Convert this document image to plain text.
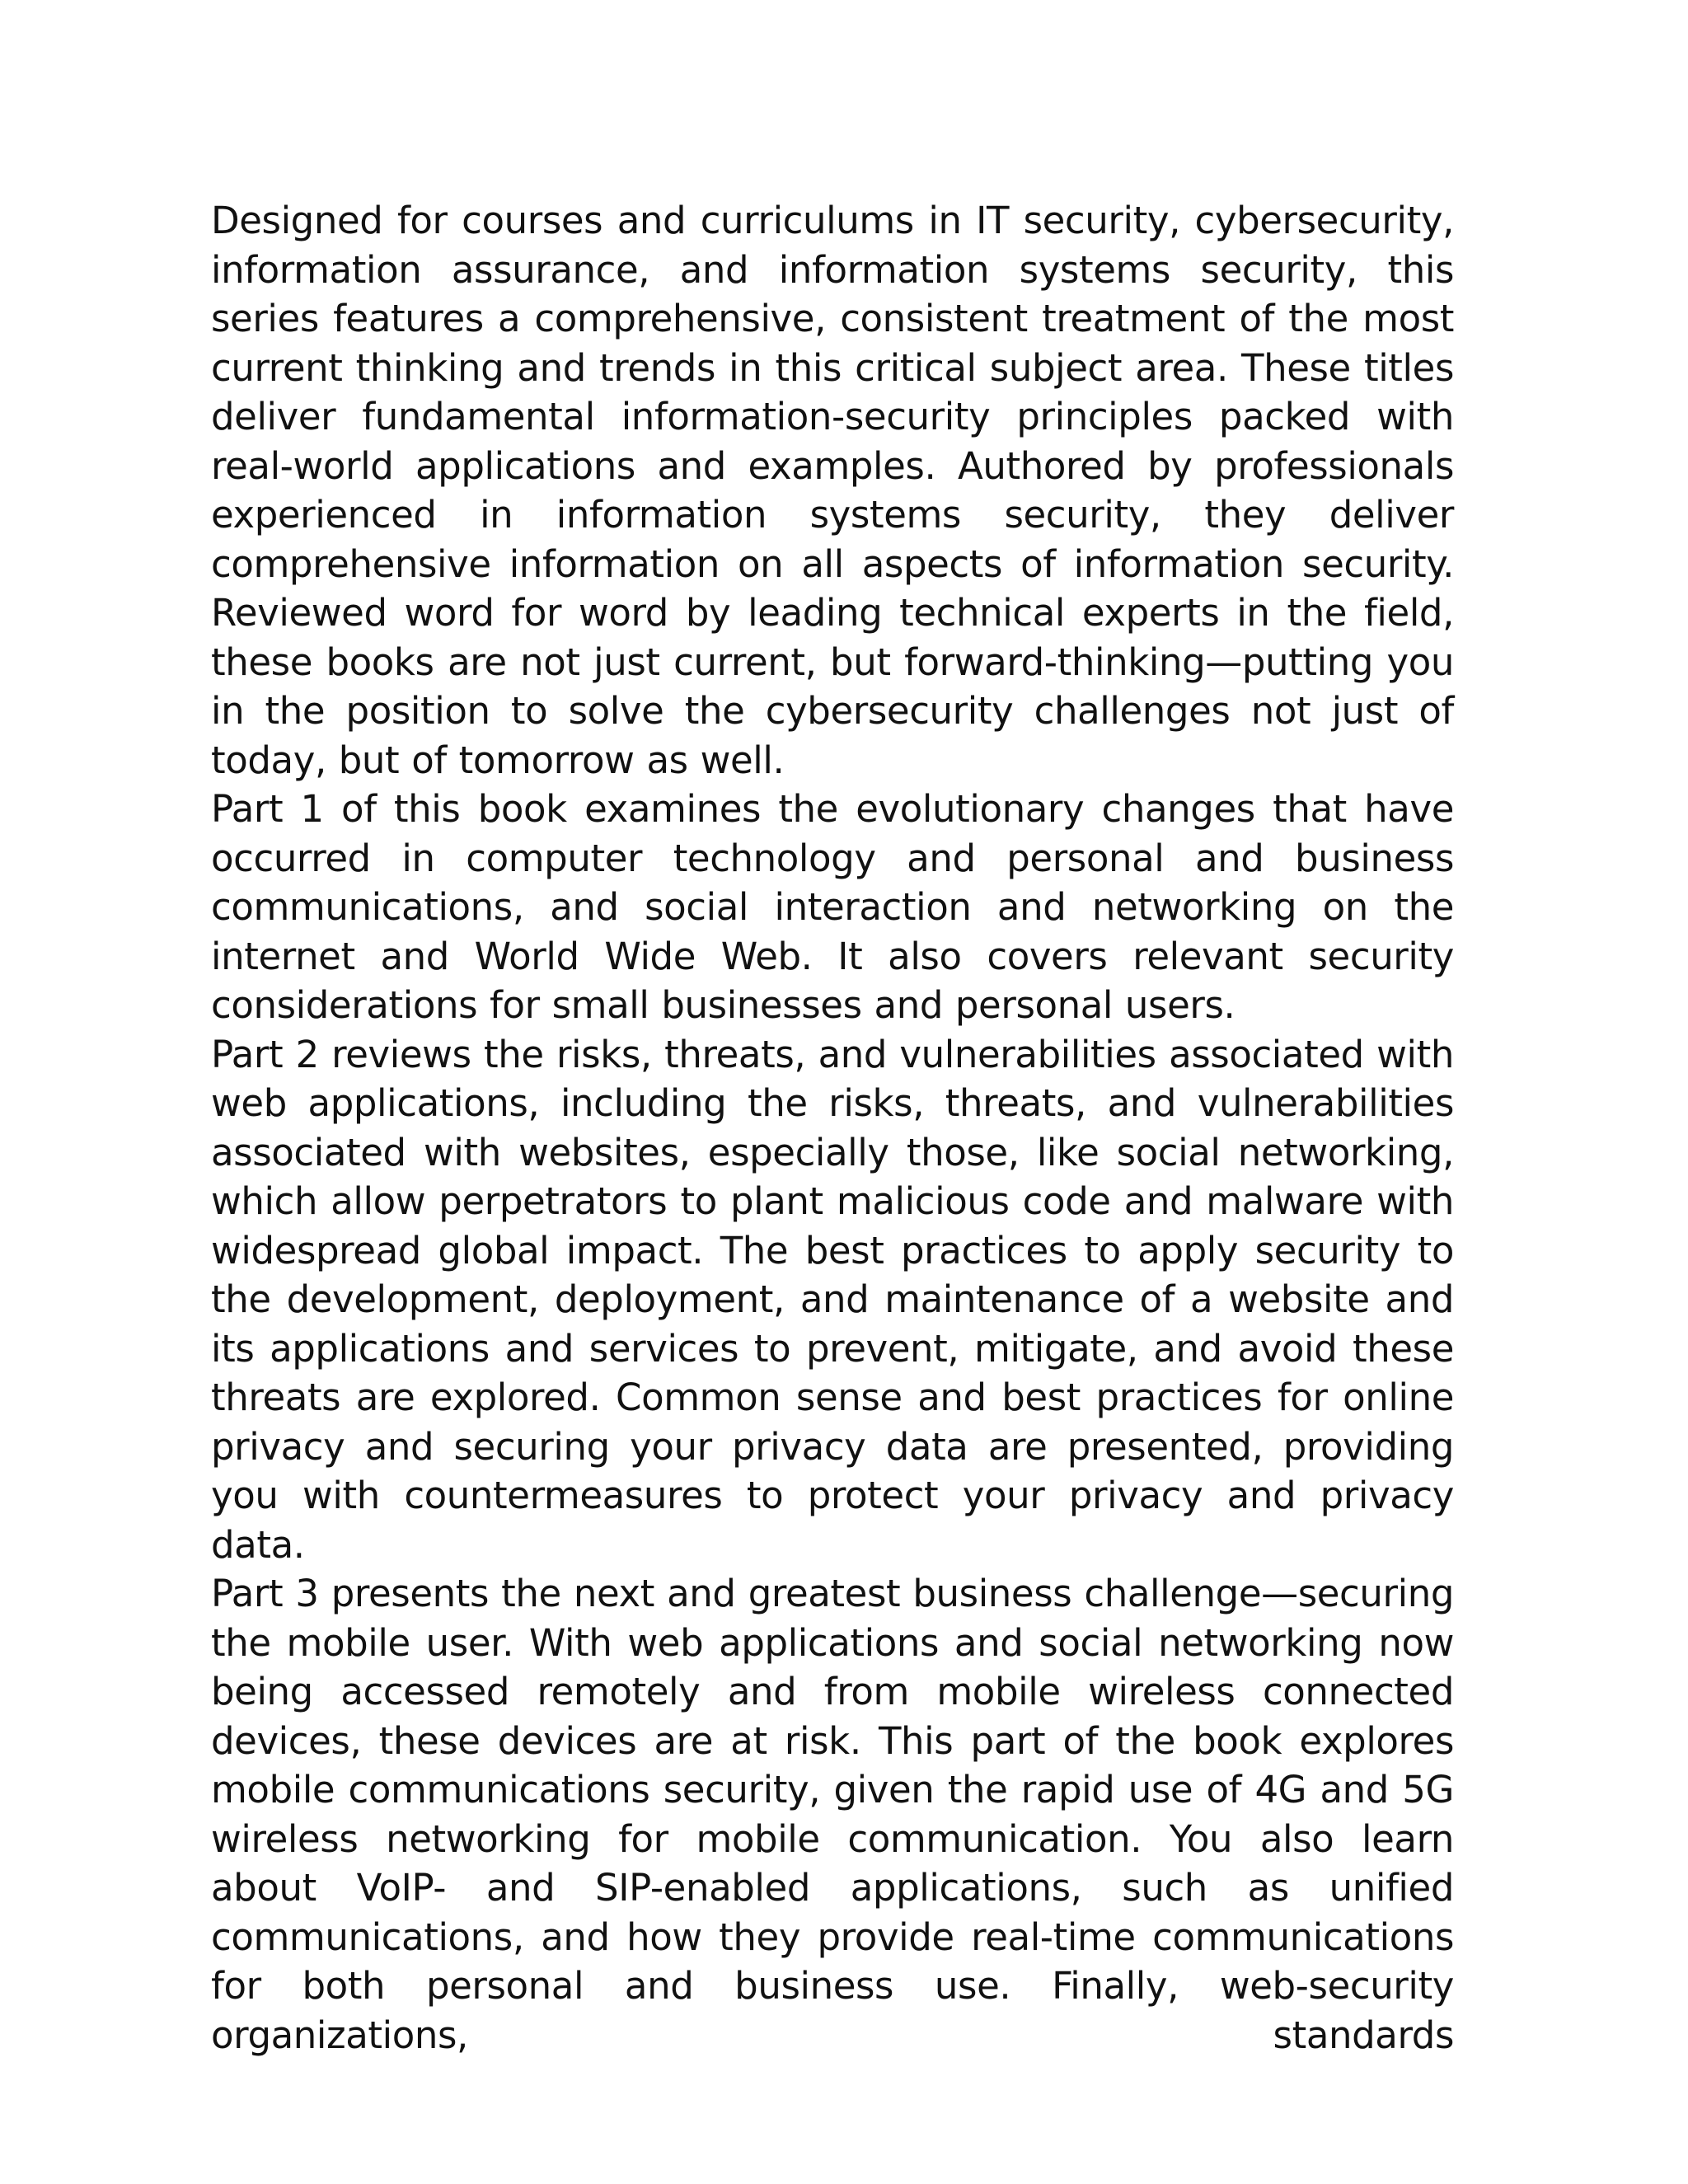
Designed for courses and curriculums in IT security, cybersecurity, information assurance, and information systems security, this series features a comprehensive, consistent treatment of the most current thinking and trends in this critical subject area. These titles deliver fundamental information-security principles packed with real-world applications and examples. Authored by professionals experienced in information systems security, they deliver comprehensive information on all aspects of information security. Reviewed word for word by leading technical experts in the field, these books are not just current, but forward-thinking—putting you in the position to solve the cybersecurity challenges not just of today, but of tomorrow as well.

Part 1 of this book examines the evolutionary changes that have occurred in computer technology and personal and business communications, and social interaction and networking on the internet and World Wide Web. It also covers relevant security considerations for small businesses and personal users.

Part 2 reviews the risks, threats, and vulnerabilities associated with web applications, including the risks, threats, and vulnerabilities associated with websites, especially those, like social networking, which allow perpetrators to plant malicious code and malware with widespread global impact. The best practices to apply security to the development, deployment, and maintenance of a website and its applications and services to prevent, mitigate, and avoid these threats are explored. Common sense and best practices for online privacy and securing your privacy data are presented, providing you with countermeasures to protect your privacy and privacy data.

Part 3 presents the next and greatest business challenge—securing the mobile user. With web applications and social networking now being accessed remotely and from mobile wireless connected devices, these devices are at risk. This part of the book explores mobile communications security, given the rapid use of 4G and 5G wireless networking for mobile communication. You also learn about VoIP- and SIP-enabled applications, such as unified communications, and how they provide real-time communications for both personal and business use. Finally, web-security organizations, standards
